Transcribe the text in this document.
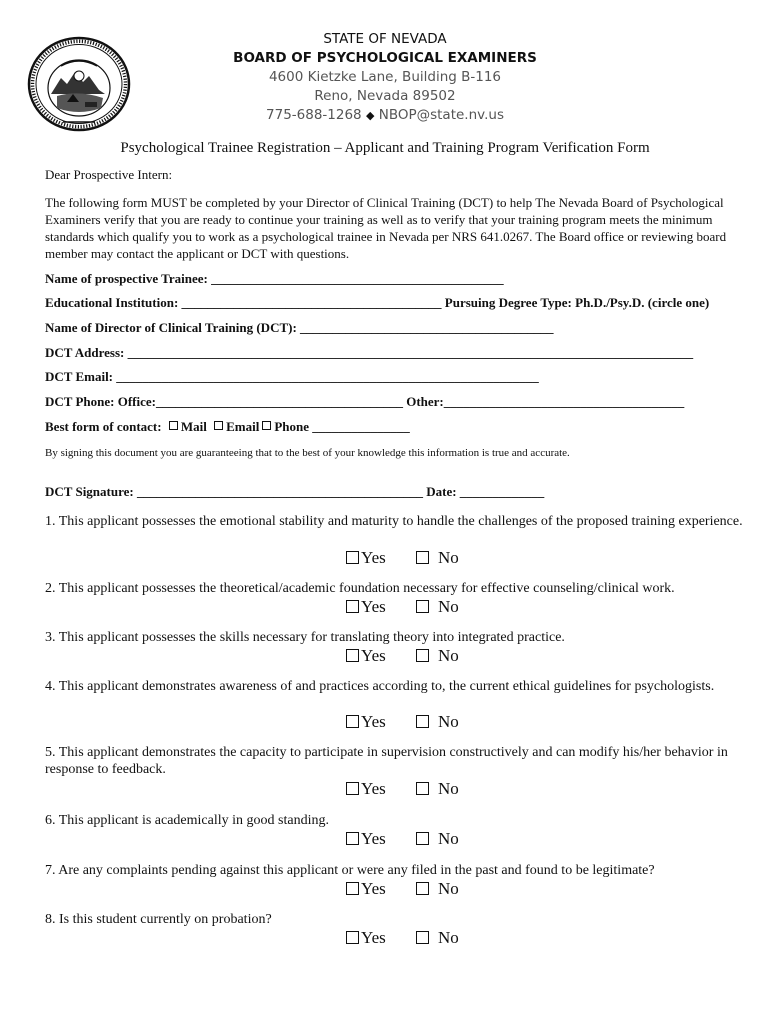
STATE OF NEVADA
BOARD OF PSYCHOLOGICAL EXAMINERS
4600 Kietzke Lane, Building B-116
Reno, Nevada 89502
775-688-1268 ◆ NBOP@state.nv.us
Psychological Trainee Registration – Applicant and Training Program Verification Form
Dear Prospective Intern:
The following form MUST be completed by your Director of Clinical Training (DCT) to help The Nevada Board of Psychological Examiners verify that you are ready to continue your training as well as to verify that your training program meets the minimum standards which qualify you to work as a psychological trainee in Nevada per NRS 641.0267. The Board office or reviewing board member may contact the applicant or DCT with questions.
Name of prospective Trainee: _____________________________________________
Educational Institution: ________________________________________ Pursuing Degree Type: Ph.D./Psy.D. (circle one)
Name of Director of Clinical Training (DCT): _______________________________________
DCT Address: _______________________________________________________________________________________
DCT Email: _________________________________________________________________
DCT Phone: Office:______________________________________ Other:_____________________________________
Best form of contact: Mail Email Phone _______________
By signing this document you are guaranteeing that to the best of your knowledge this information is true and accurate.
DCT Signature: ____________________________________________ Date: _____________
1. This applicant possesses the emotional stability and maturity to handle the challenges of the proposed training experience.
Yes	No
2. This applicant possesses the theoretical/academic foundation necessary for effective counseling/clinical work.
Yes	No
3. This applicant possesses the skills necessary for translating theory into integrated practice.
Yes	No
4. This applicant demonstrates awareness of and practices according to, the current ethical guidelines for psychologists.
Yes	No
5. This applicant demonstrates the capacity to participate in supervision constructively and can modify his/her behavior in response to feedback.
Yes	No
6. This applicant is academically in good standing.
Yes	No
7. Are any complaints pending against this applicant or were any filed in the past and found to be legitimate?
Yes	No
8. Is this student currently on probation?
Yes	No
